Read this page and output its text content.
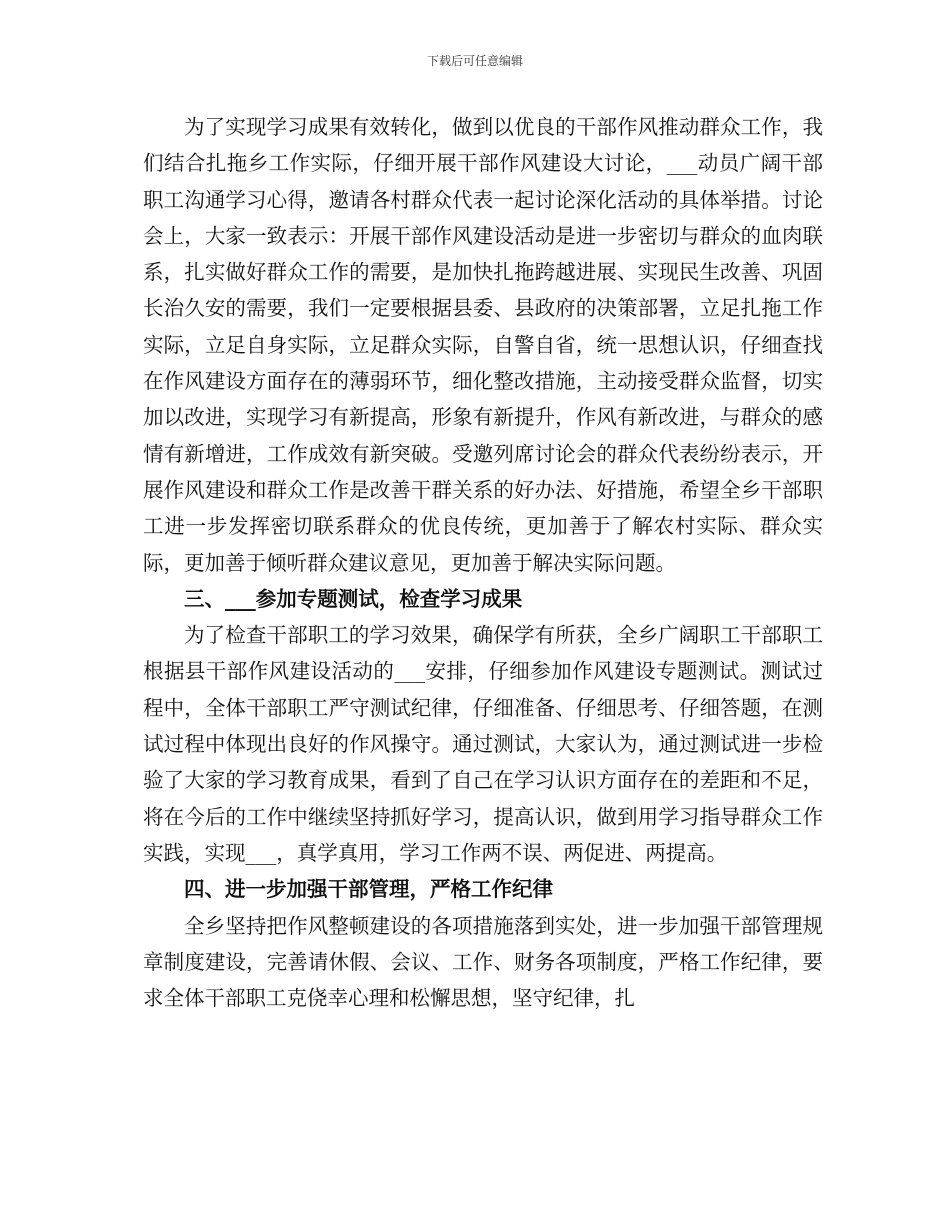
下载后可任意编辑

为了实现学习成果有效转化，做到以优良的干部作风推动群众工作，我们结合扎拖乡工作实际，仔细开展干部作风建设大讨论，___动员广阔干部职工沟通学习心得，邀请各村群众代表一起讨论深化活动的具体举措。讨论会上，大家一致表示：开展干部作风建设活动是进一步密切与群众的血肉联系，扎实做好群众工作的需要，是加快扎拖跨越进展、实现民生改善、巩固长治久安的需要，我们一定要根据县委、县政府的决策部署，立足扎拖工作实际，立足自身实际，立足群众实际，自警自省，统一思想认识，仔细查找在作风建设方面存在的薄弱环节，细化整改措施，主动接受群众监督，切实加以改进，实现学习有新提高，形象有新提升，作风有新改进，与群众的感情有新增进，工作成效有新突破。受邀列席讨论会的群众代表纷纷表示，开展作风建设和群众工作是改善干群关系的好办法、好措施，希望全乡干部职工进一步发挥密切联系群众的优良传统，更加善于了解农村实际、群众实际，更加善于倾听群众建议意见，更加善于解决实际问题。

三、___参加专题测试，检查学习成果

为了检查干部职工的学习效果，确保学有所获，全乡广阔职工干部职工根据县干部作风建设活动的___安排，仔细参加作风建设专题测试。测试过程中，全体干部职工严守测试纪律，仔细准备、仔细思考、仔细答题，在测试过程中体现出良好的作风操守。通过测试，大家认为，通过测试进一步检验了大家的学习教育成果，看到了自己在学习认识方面存在的差距和不足，将在今后的工作中继续坚持抓好学习，提高认识，做到用学习指导群众工作实践，实现___，真学真用，学习工作两不误、两促进、两提高。

四、进一步加强干部管理，严格工作纪律

全乡坚持把作风整顿建设的各项措施落到实处，进一步加强干部管理规章制度建设，完善请休假、会议、工作、财务各项制度，严格工作纪律，要求全体干部职工克侥幸心理和松懈思想，坚守纪律，扎
